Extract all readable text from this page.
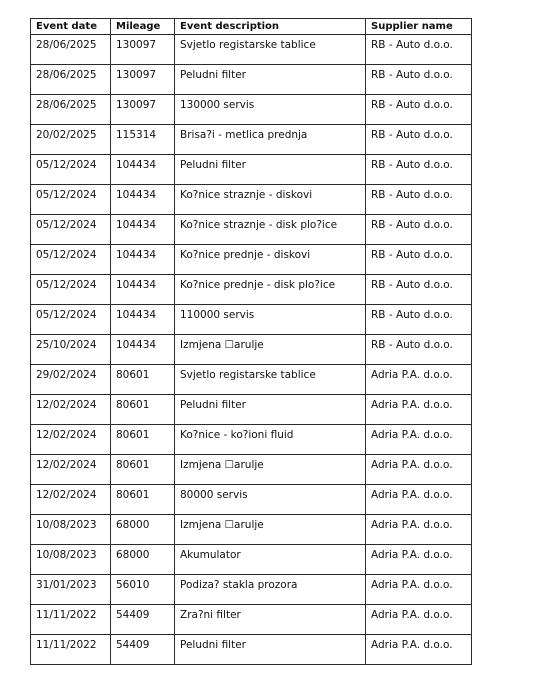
Event date	Mileage	Event description	Supplier name
28/06/2025	130097	Svjetlo registarske tablice	RB - Auto d.o.o.
28/06/2025	130097	Peludni filter	RB - Auto d.o.o.
28/06/2025	130097	130000 servis	RB - Auto d.o.o.
20/02/2025	115314	Brisa?i - metlica prednja	RB - Auto d.o.o.
05/12/2024	104434	Peludni filter	RB - Auto d.o.o.
05/12/2024	104434	Ko?nice straznje - diskovi	RB - Auto d.o.o.
05/12/2024	104434	Ko?nice straznje - disk plo?ice	RB - Auto d.o.o.
05/12/2024	104434	Ko?nice prednje - diskovi	RB - Auto d.o.o.
05/12/2024	104434	Ko?nice prednje - disk plo?ice	RB - Auto d.o.o.
05/12/2024	104434	110000 servis	RB - Auto d.o.o.
25/10/2024	104434	Izmjena ☐arulje	RB - Auto d.o.o.
29/02/2024	80601	Svjetlo registarske tablice	Adria P.A. d.o.o.
12/02/2024	80601	Peludni filter	Adria P.A. d.o.o.
12/02/2024	80601	Ko?nice - ko?ioni fluid	Adria P.A. d.o.o.
12/02/2024	80601	Izmjena ☐arulje	Adria P.A. d.o.o.
12/02/2024	80601	80000 servis	Adria P.A. d.o.o.
10/08/2023	68000	Izmjena ☐arulje	Adria P.A. d.o.o.
10/08/2023	68000	Akumulator	Adria P.A. d.o.o.
31/01/2023	56010	Podiza? stakla prozora	Adria P.A. d.o.o.
11/11/2022	54409	Zra?ni filter	Adria P.A. d.o.o.
11/11/2022	54409	Peludni filter	Adria P.A. d.o.o.
